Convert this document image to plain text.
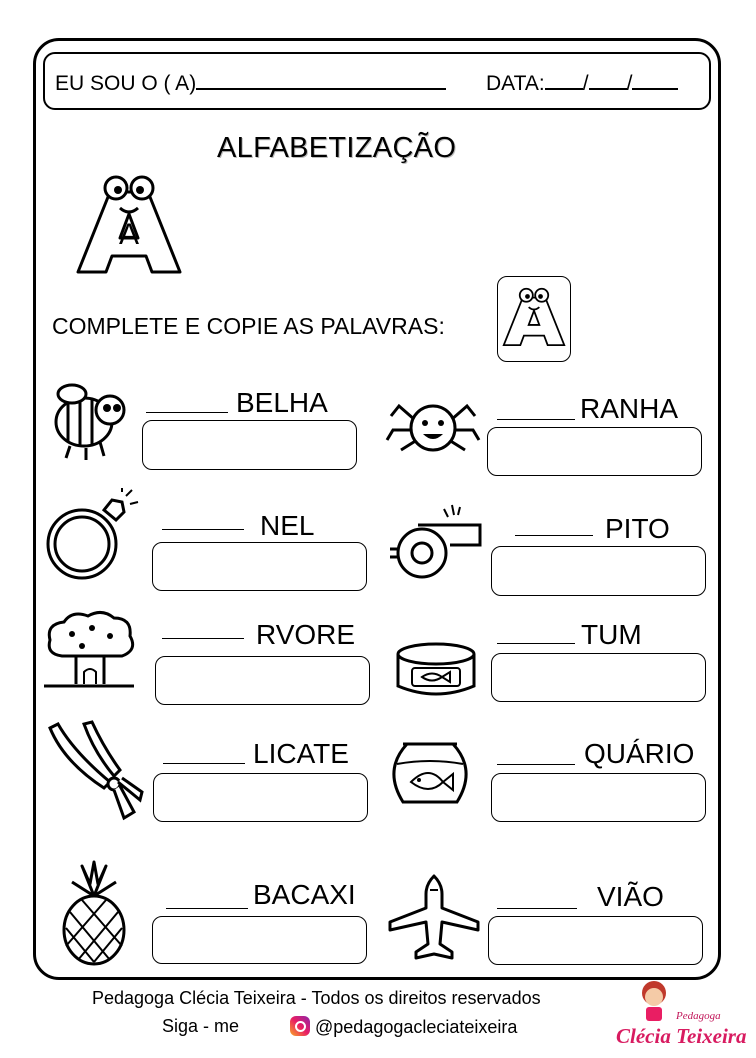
EU SOU O ( A)	DATA: / /
ALFABETIZAÇÃO
A
COMPLETE E COPIE AS PALAVRAS:
BELHA	RANHA
NEL	PITO
RVORE	TUM
LICATE	QUÁRIO
BACAXI	VIÃO
Pedagoga Clécia Teixeira - Todos os direitos reservados
Siga - me	@pedagogacleciateixeira
Pedagoga
Clécia Teixeira
